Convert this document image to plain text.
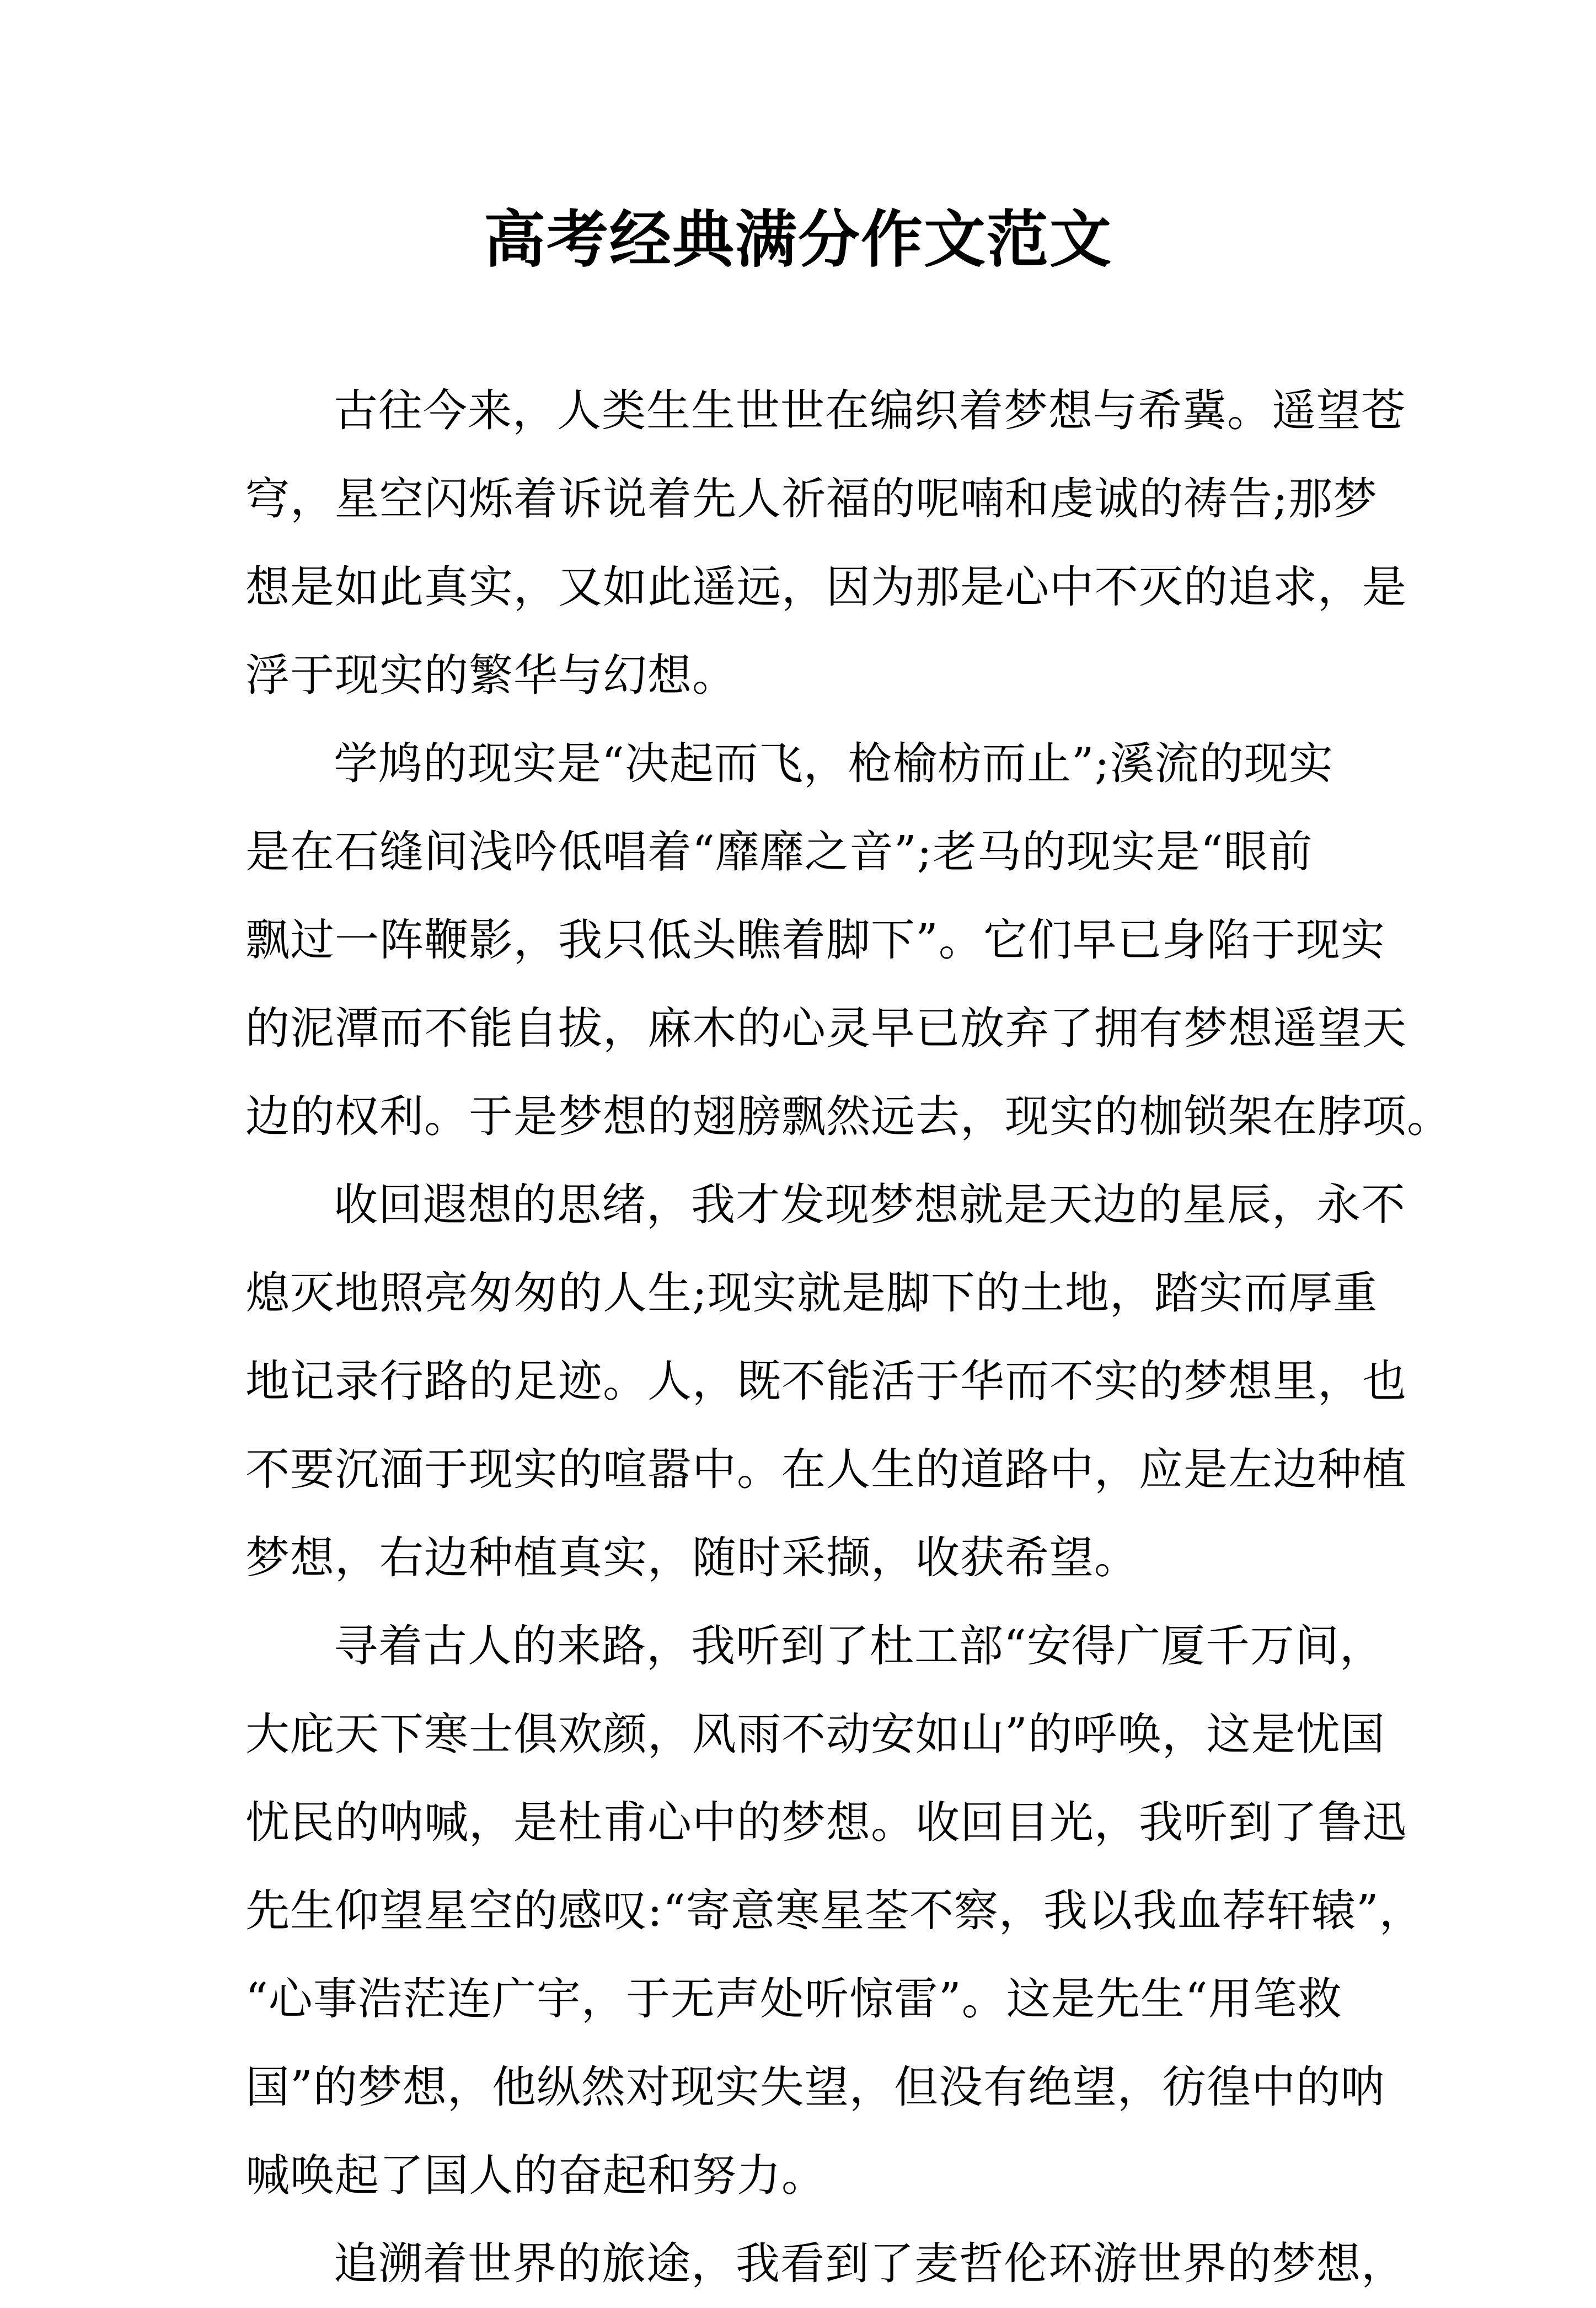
高考经典满分作文范文
古往今来，人类生生世世在编织着梦想与希冀。遥望苍
穹，星空闪烁着诉说着先人祈福的呢喃和虔诚的祷告;那梦
想是如此真实，又如此遥远，因为那是心中不灭的追求，是
浮于现实的繁华与幻想。
学鸠的现实是“决起而飞，枪榆枋而止”;溪流的现实
是在石缝间浅吟低唱着“靡靡之音”;老马的现实是“眼前
飘过一阵鞭影，我只低头瞧着脚下”。它们早已身陷于现实
的泥潭而不能自拔，麻木的心灵早已放弃了拥有梦想遥望天
边的权利。于是梦想的翅膀飘然远去，现实的枷锁架在脖项。
收回遐想的思绪，我才发现梦想就是天边的星辰，永不
熄灭地照亮匆匆的人生;现实就是脚下的土地，踏实而厚重
地记录行路的足迹。人，既不能活于华而不实的梦想里，也
不要沉湎于现实的喧嚣中。在人生的道路中，应是左边种植
梦想，右边种植真实，随时采撷，收获希望。
寻着古人的来路，我听到了杜工部“安得广厦千万间，
大庇天下寒士俱欢颜，风雨不动安如山”的呼唤，这是忧国
忧民的呐喊，是杜甫心中的梦想。收回目光，我听到了鲁迅
先生仰望星空的感叹:“寄意寒星荃不察，我以我血荐轩辕”，
“心事浩茫连广宇，于无声处听惊雷”。这是先生“用笔救
国”的梦想，他纵然对现实失望，但没有绝望，彷徨中的呐
喊唤起了国人的奋起和努力。
追溯着世界的旅途，我看到了麦哲伦环游世界的梦想，
